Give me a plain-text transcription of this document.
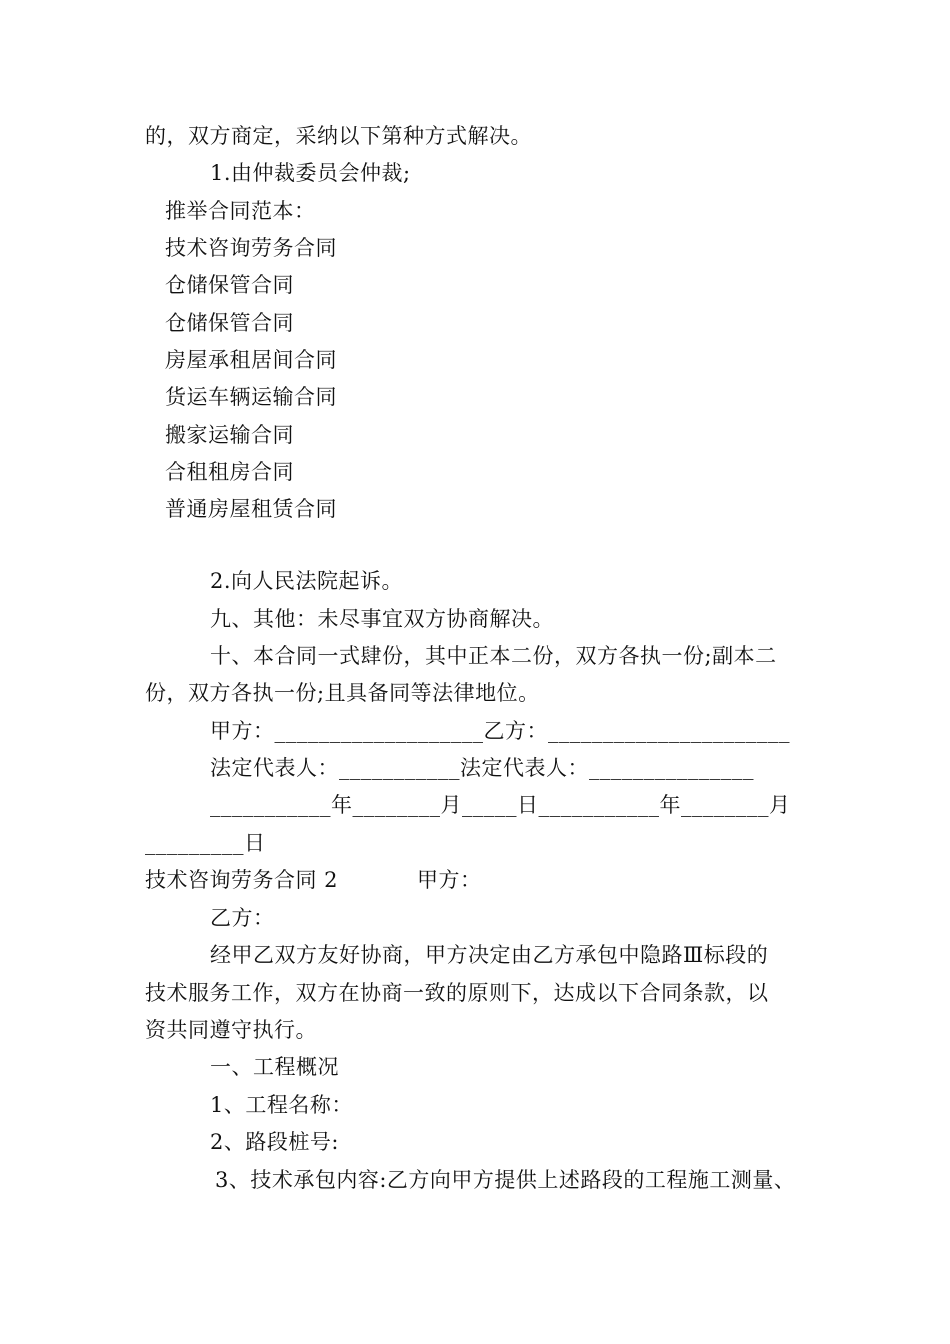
的，双方商定，采纳以下第种方式解决。
1.由仲裁委员会仲裁;
推举合同范本：
技术咨询劳务合同
仓储保管合同
仓储保管合同
房屋承租居间合同
货运车辆运输合同
搬家运输合同
合租租房合同
普通房屋租赁合同
2.向人民法院起诉。
九、其他：未尽事宜双方协商解决。
十、本合同一式肆份，其中正本二份，双方各执一份;副本二
份，双方各执一份;且具备同等法律地位。
甲方：___________________乙方：______________________
法定代表人：___________法定代表人：_______________
___________年________月_____日___________年________月
_________日
技术咨询劳务合同 2           甲方：
乙方：
经甲乙双方友好协商，甲方决定由乙方承包中隐路Ⅲ标段的
技术服务工作，双方在协商一致的原则下，达成以下合同条款，以
资共同遵守执行。
一、工程概况
1、工程名称：
2、路段桩号:
3、技术承包内容:乙方向甲方提供上述路段的工程施工测量、
